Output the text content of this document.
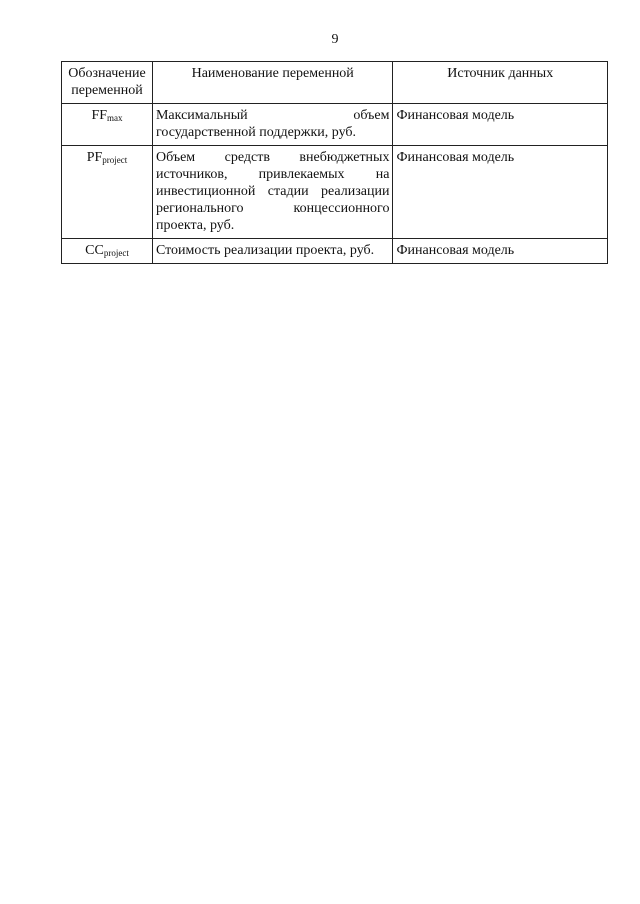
9
Обозначение переменной	Наименование переменной	Источник данных
$FF_{max}$	Максимальный объем государственной поддержки, руб.	Финансовая модель
$PF_{project}$	Объем средств внебюджетных источников, привлекаемых на инвестиционной стадии реализации регионального концессионного проекта, руб.	Финансовая модель
$CC_{project}$	Стоимость реализации проекта, руб.	Финансовая модель
